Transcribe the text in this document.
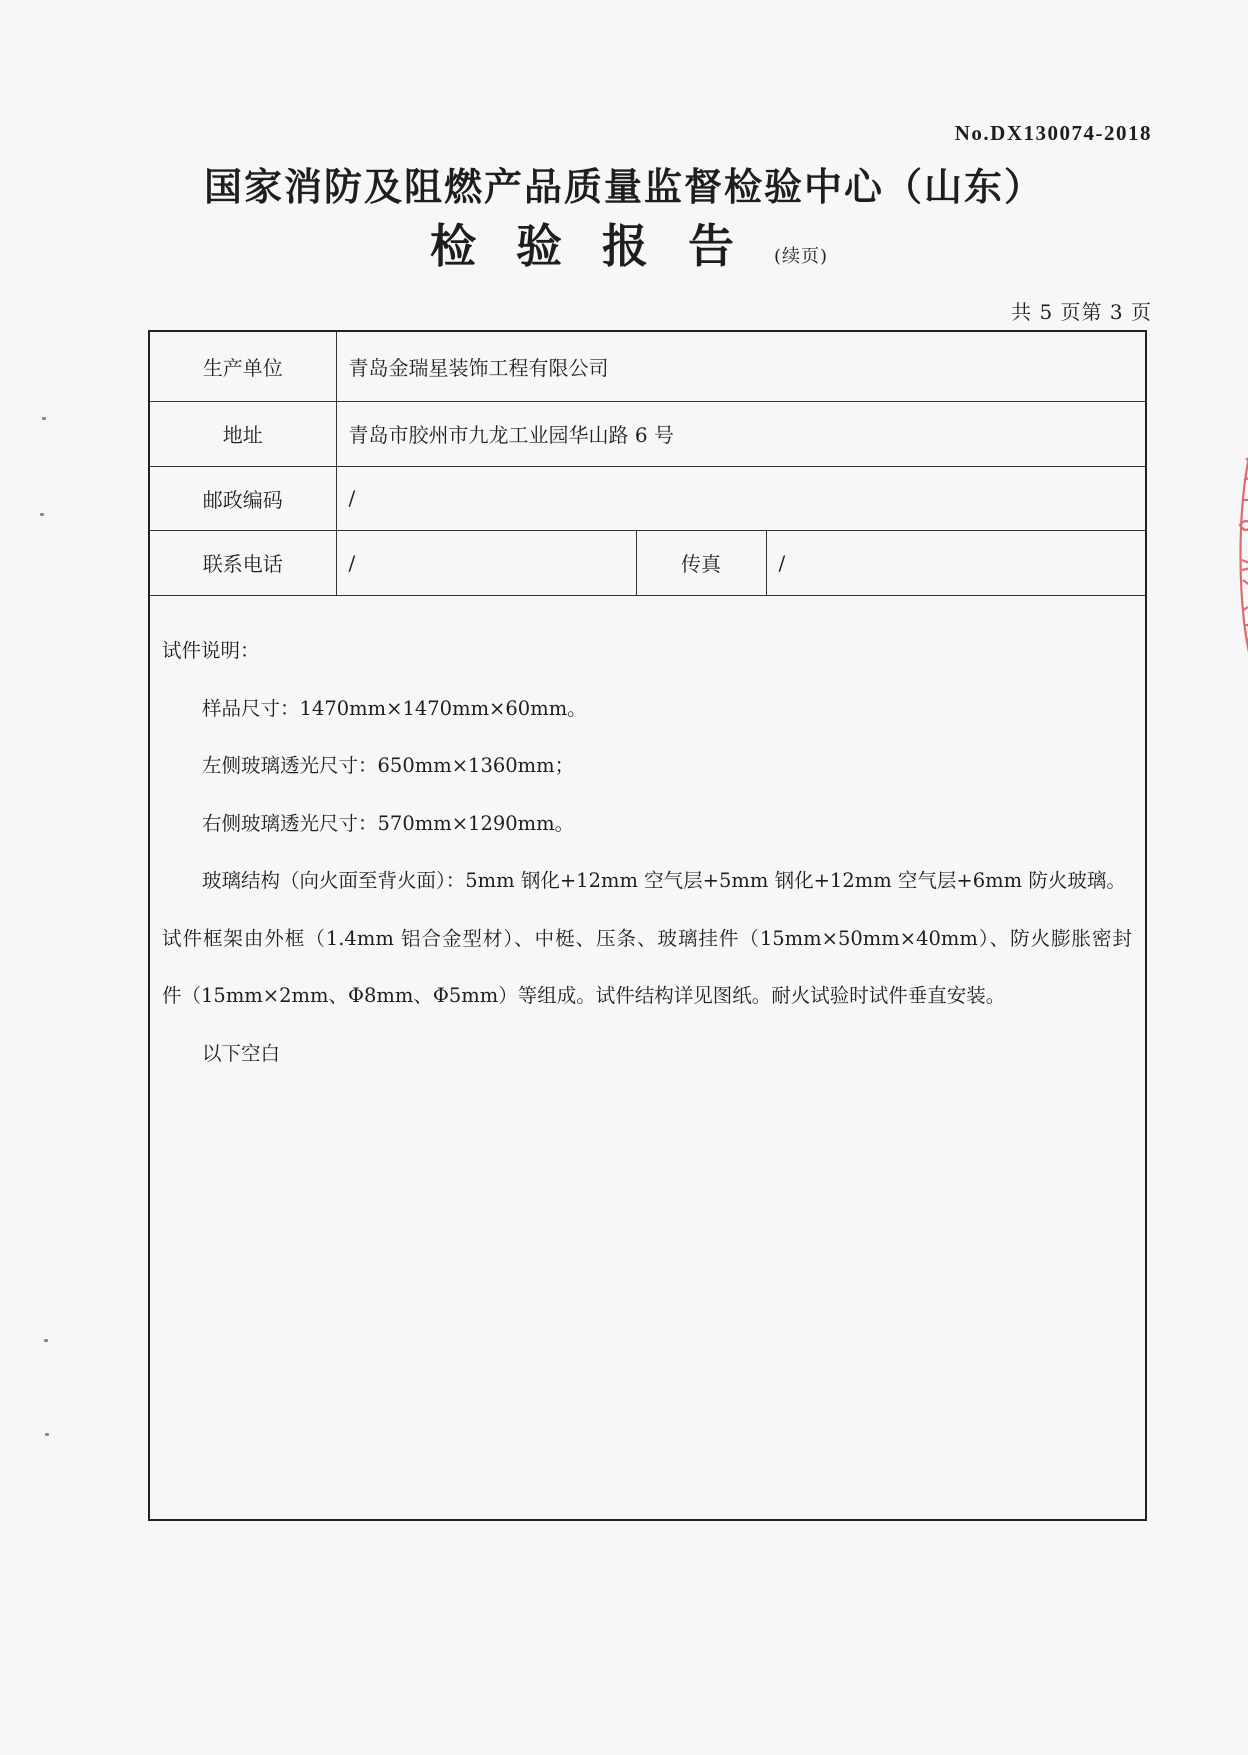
No.DX130074-2018
国家消防及阻燃产品质量监督检验中心（山东）
检验报告(续页)
共 5 页第 3 页
生产单位	青岛金瑞星装饰工程有限公司		
地址	青岛市胶州市九龙工业园华山路 6 号		
邮政编码	/		
联系电话	/	传真	/

试件说明：

样品尺寸：1470mm×1470mm×60mm。

左侧玻璃透光尺寸：650mm×1360mm；

右侧玻璃透光尺寸：570mm×1290mm。

玻璃结构（向火面至背火面）：5mm 钢化+12mm 空气层+5mm 钢化+12mm 空气层+6mm 防火玻璃。

试件框架由外框（1.4mm 铝合金型材）、中梃、压条、玻璃挂件（15mm×50mm×40mm）、防火膨胀密封

件（15mm×2mm、Φ8mm、Φ5mm）等组成。试件结构详见图纸。耐火试验时试件垂直安装。

以下空白
